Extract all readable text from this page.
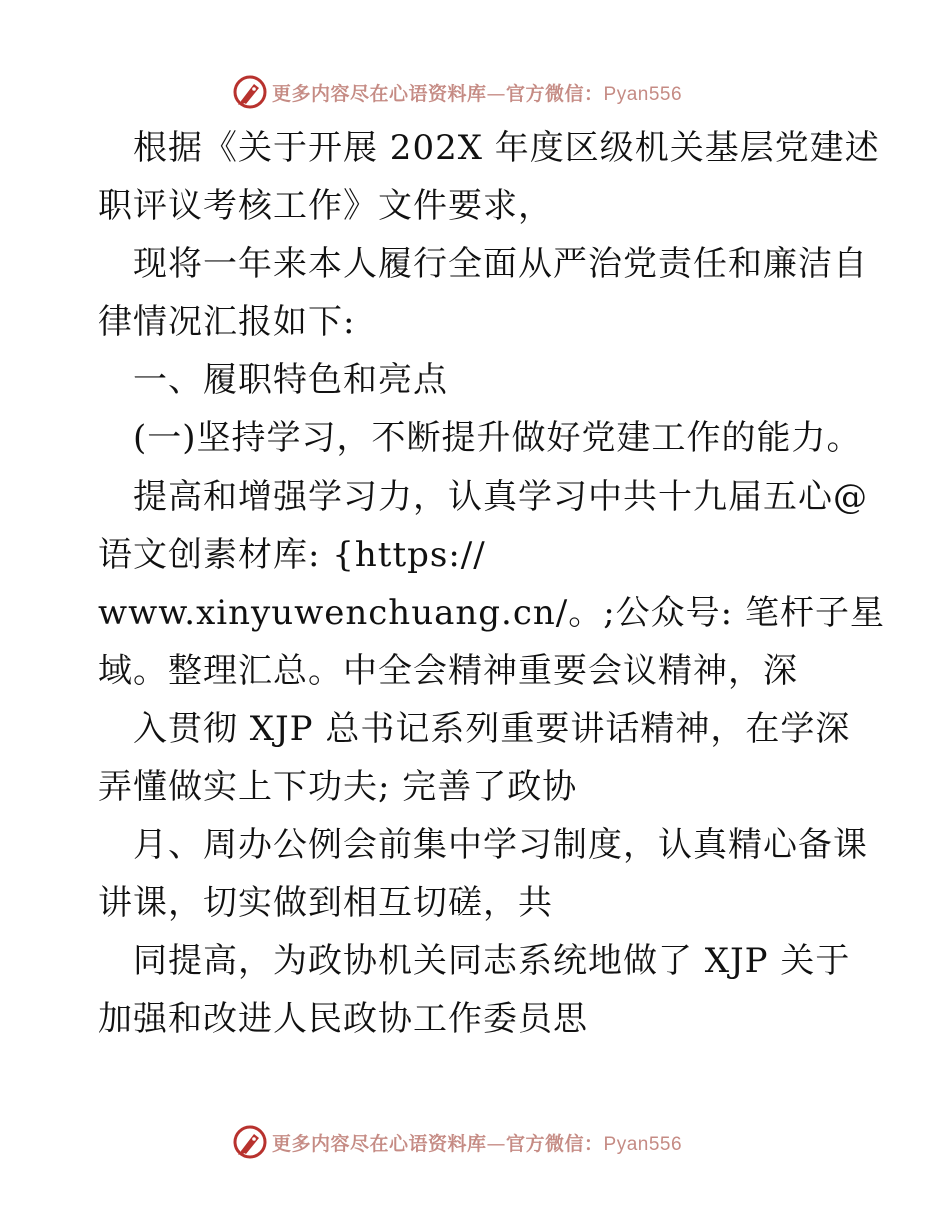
更多内容尽在心语资料库—官方微信：Pyan556
根据《关于开展 202X 年度区级机关基层党建述
职评议考核工作》文件要求，
现将一年来本人履行全面从严治党责任和廉洁自
律情况汇报如下:
一、履职特色和亮点
(一)坚持学习，不断提升做好党建工作的能力。
提高和增强学习力，认真学习中共十九届五心@
语文创素材库: {https://
www.xinyuwenchuang.cn/。;公众号: 笔杆子星
域。整理汇总。中全会精神重要会议精神，深
入贯彻 XJP 总书记系列重要讲话精神，在学深
弄懂做实上下功夫; 完善了政协
月、周办公例会前集中学习制度，认真精心备课
讲课，切实做到相互切磋，共
同提高，为政协机关同志系统地做了 XJP 关于
加强和改进人民政协工作委员思
更多内容尽在心语资料库—官方微信：Pyan556
